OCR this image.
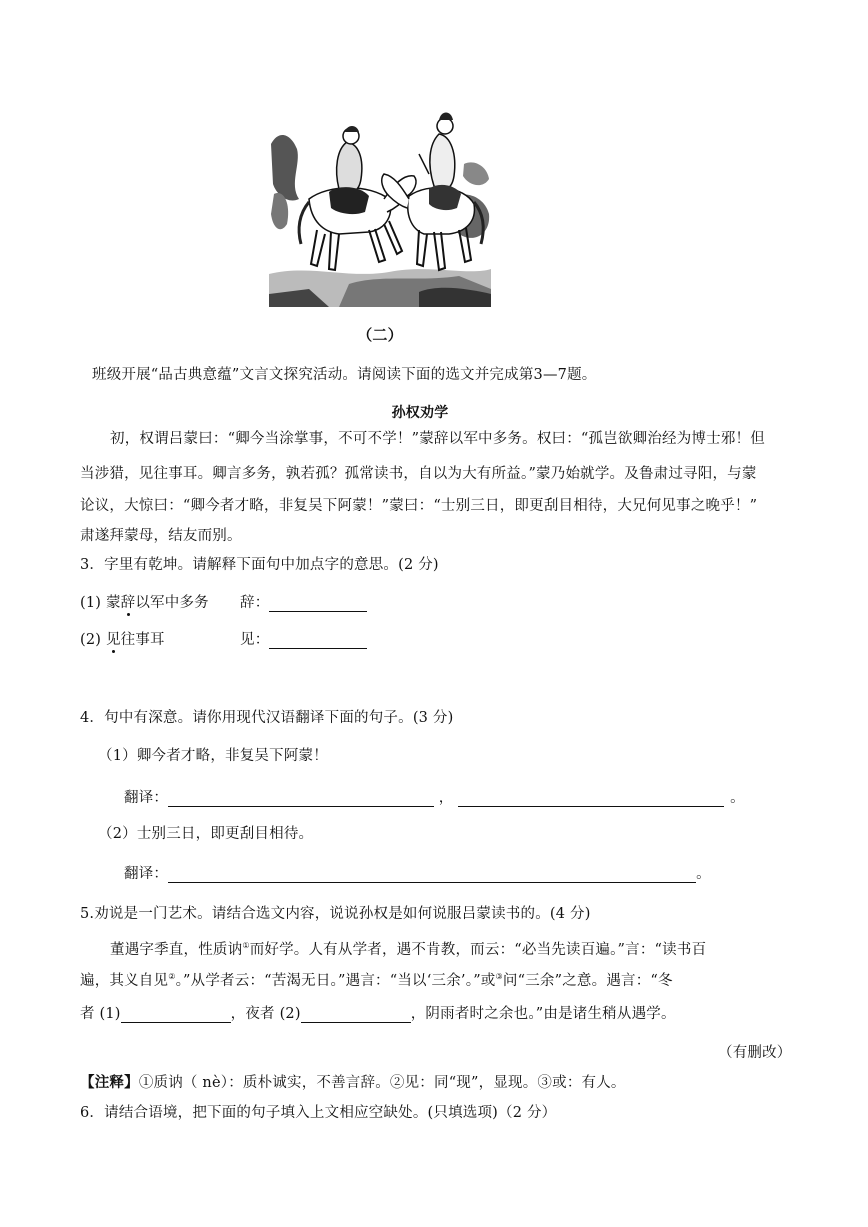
（二）
班级开展“品古典意蕴”文言文探究活动。请阅读下面的选文并完成第3—7题。
孙权劝学
初，权谓吕蒙曰：“卿今当涂掌事，不可不学！”蒙辞以军中多务。权曰：“孤岂欲卿治经为博士邪！但
当涉猎，见往事耳。卿言多务，孰若孤？孤常读书，自以为大有所益。”蒙乃始就学。及鲁肃过寻阳，与蒙
论议，大惊曰：“卿今者才略，非复吴下阿蒙！”蒙曰：“士别三日，即更刮目相待，大兄何见事之晚乎！”
肃遂拜蒙母，结友而别。
3．字里有乾坤。请解释下面句中加点字的意思。(2 分)
(1) 蒙辞以军中多务 辞：
(2) 见往事耳	见：
4．句中有深意。请你用现代汉语翻译下面的句子。(3 分)
（1）卿今者才略，非复吴下阿蒙！
翻译：	，	。
（2）士别三日，即更刮目相待。
翻译：	。
5.劝说是一门艺术。请结合选文内容，说说孙权是如何说服吕蒙读书的。(4 分)
董遇字季直，性质讷①而好学。人有从学者，遇不肯教，而云：“必当先读百遍。”言：“读书百
遍，其义自见②。”从学者云：“苦渴无日。”遇言：“当以‘三余’。”或③问“三余”之意。遇言：“冬
者 (1)	，夜者 (2)	，阴雨者时之余也。”由是诸生稍从遇学。
（有删改）
【注释】①质讷（ nè）：质朴诚实，不善言辞。②见：同“现”，显现。③或：有人。
6．请结合语境，把下面的句子填入上文相应空缺处。(只填选项)（2 分）
